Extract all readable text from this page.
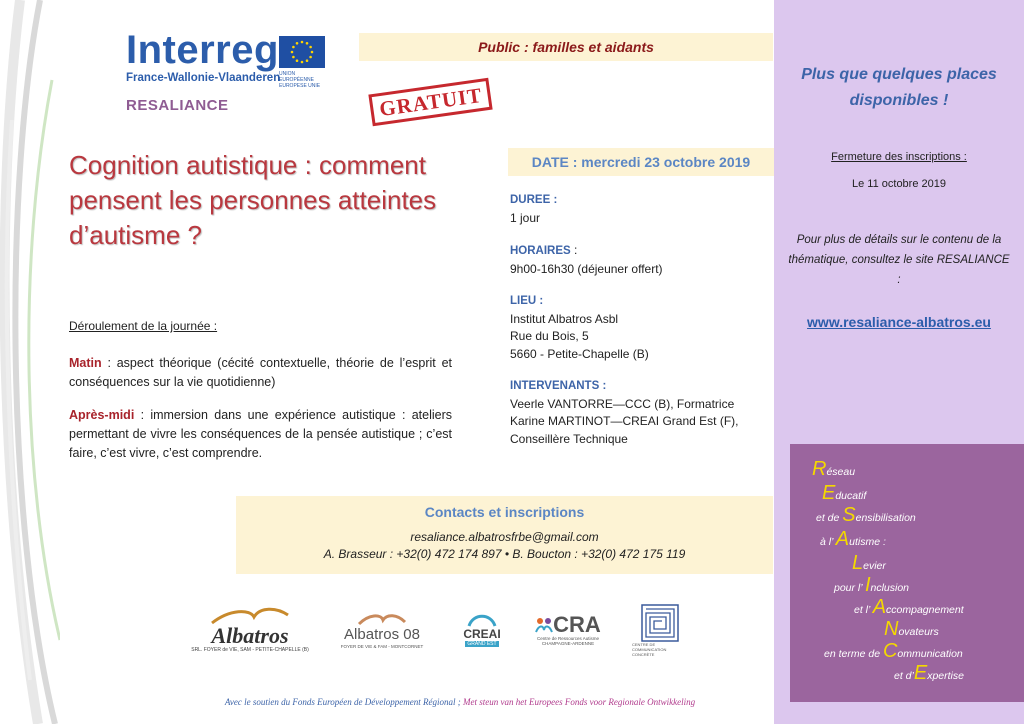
Interreg
France-Wallonie-Vlaanderen
UNION EUROPÉENNE EUROPESE UNIE
RESALIANCE	GRATUIT
Public : familles et aidants
Cognition autistique : comment pensent les personnes atteintes d’autisme ?
Déroulement de la journée :
Matin : aspect théorique (cécité contextuelle, théorie de l’esprit et conséquences sur la vie quotidienne)
Après-midi : immersion dans une expérience autistique : ateliers permettant de vivre les conséquences de la pensée autistique ; c’est faire, c’est vivre, c’est comprendre.
DATE : mercredi 23 octobre 2019
DUREE :
1 jour
HORAIRES :
9h00-16h30 (déjeuner offert)
LIEU :
Institut Albatros Asbl
Rue du Bois, 5
5660 - Petite-Chapelle (B)
INTERVENANTS :
Veerle VANTORRE—CCC (B), Formatrice
Karine MARTINOT—CREAI Grand Est (F),
Conseillère Technique
Contacts et inscriptions
resaliance.albatrosfrbe@gmail.com
A. Brasseur : +32(0) 472 174 897 • B. Boucton : +32(0) 472 175 119
Albatros
SRL. FOYER de VIE, SAM - PETITE-CHAPELLE (B)
Albatros 08
FOYER DE VIE & FAM - MONTCORNET
CREAI
GRAND EST
CRA
Centre de Ressources Autisme CHAMPAGNE-ARDENNE	CENTRE DE COMMUNICATION CONCRÈTE
Avec le soutien du Fonds Européen de Développement Régional ; Met steun van het Europees Fonds voor Regionale Ontwikkeling
Plus que quelques places
disponibles !
Fermeture des inscriptions :
Le 11 octobre 2019
Pour plus de détails sur le contenu de la thématique, consultez le site RESALIANCE :
www.resaliance-albatros.eu
Réseau
Educatif
et de Sensibilisation
à l’ Autisme :
Levier
pour l’ Inclusion
et l’ Accompagnement
Novateurs
en terme de Communication
et d’Expertise
